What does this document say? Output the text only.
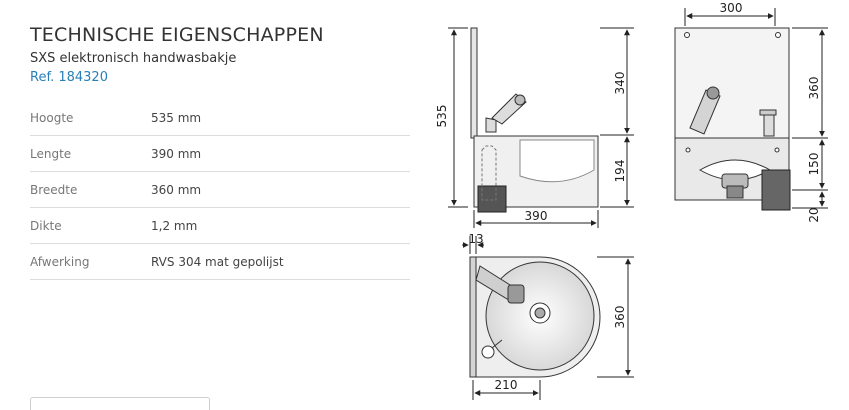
TECHNISCHE EIGENSCHAPPEN
SXS elektronisch handwasbakje
Ref. 184320
Hoogte	535 mm
Lengte	390 mm
Breedte	360 mm
Dikte	1,2 mm
Afwerking	RVS 304 mat gepolijst
535
340
194
390
300
360
150
20
13
360
210
